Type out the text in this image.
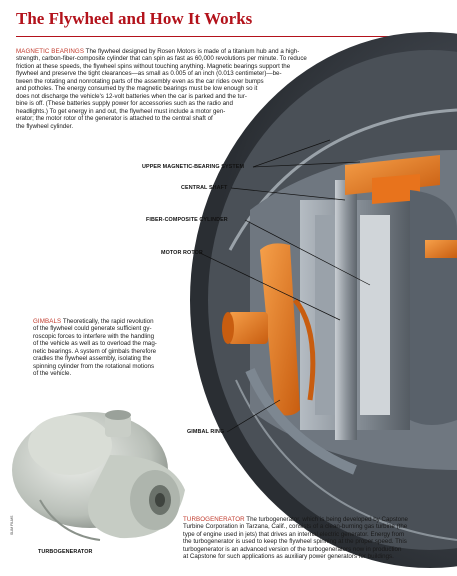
The Flywheel and How It Works
MAGNETIC BEARINGS The flywheel designed by Rosen Motors is made of a titanium hub and a high-
strength, carbon-fiber-composite cylinder that can spin as fast as 60,000 revolutions per minute. To reduce
friction at these speeds, the flywheel spins without touching anything. Magnetic bearings support the
flywheel and preserve the tight clearances—as small as 0.005 of an inch (0.013 centimeter)—be-
tween the rotating and nonrotating parts of the assembly even as the car rides over bumps
and potholes. The energy consumed by the magnetic bearings must be low enough so it
does not discharge the vehicle's 12-volt batteries when the car is parked and the tur-
bine is off. (These batteries supply power for accessories such as the radio and
headlights.) To get energy in and out, the flywheel must include a motor gen-
erator; the motor rotor of the generator is attached to the central shaft of
the flywheel cylinder.
UPPER MAGNETIC-BEARING SYSTEM
CENTRAL SHAFT
FIBER-COMPOSITE CYLINDER
MOTOR ROTOR
GIMBAL RING
TURBOGENERATOR
GIMBALS Theoretically, the rapid revolution
of the flywheel could generate sufficient gy-
roscopic forces to interfere with the handling
of the vehicle as well as to overload the mag-
netic bearings. A system of gimbals therefore
cradles the flywheel assembly, isolating the
spinning cylinder from the rotational motions
of the vehicle.
TURBOGENERATOR The turbogenerator, which is being developed by Capstone
Turbine Corporation in Tarzana, Calif., consists of a clean-burning gas turbine (the
type of engine used in jets) that drives an internal electric generator. Energy from
the turbogenerator is used to keep the flywheel spinning at the proper speed. This
turbogenerator is an advanced version of the turbogenerators now in production
at Capstone for such applications as auxiliary power generators for buildings.
SLIM FILMS
